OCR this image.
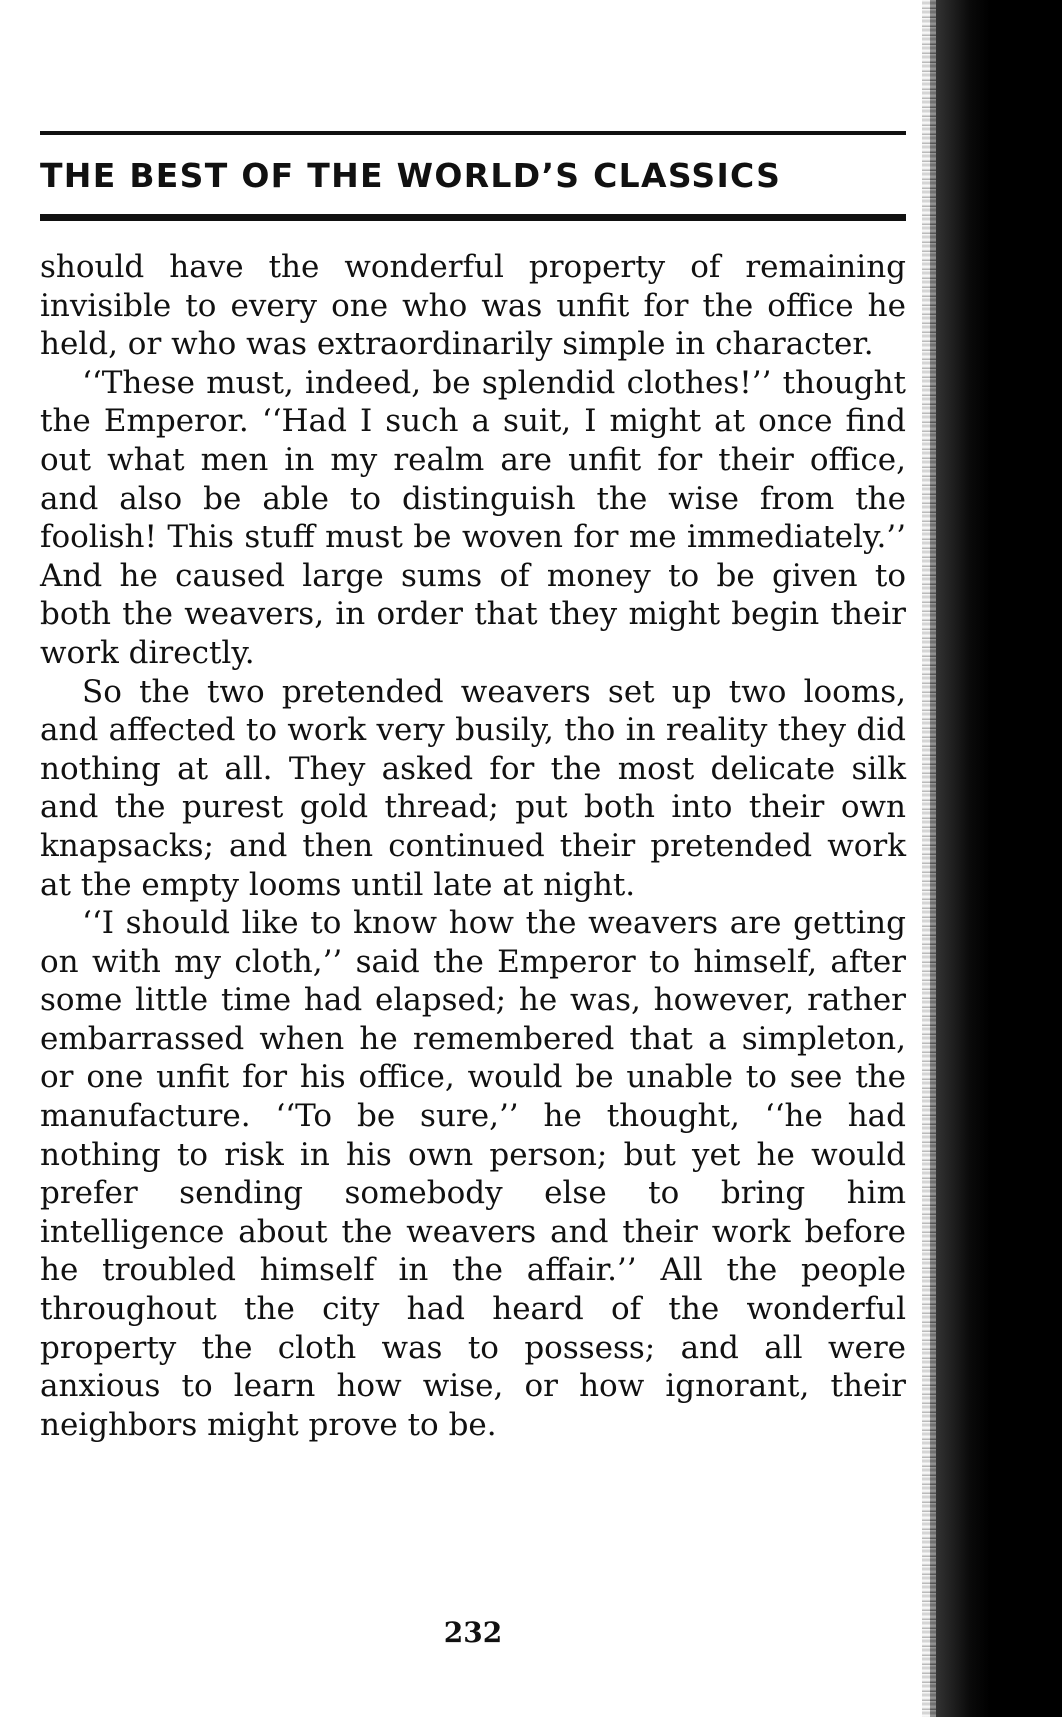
THE BEST OF THE WORLD’S CLASSICS

should have the wonderful property of remaining invisible to every one who was unfit for the office he held, or who was extraordinarily simple in character.

‘‘These must, indeed, be splendid clothes!’’ thought the Emperor. ‘‘Had I such a suit, I might at once find out what men in my realm are unfit for their office, and also be able to distinguish the wise from the foolish! This stuff must be woven for me immediately.’’ And he caused large sums of money to be given to both the weavers, in order that they might begin their work directly.

So the two pretended weavers set up two looms, and affected to work very busily, tho in reality they did nothing at all. They asked for the most delicate silk and the purest gold thread; put both into their own knapsacks; and then continued their pretended work at the empty looms until late at night.

‘‘I should like to know how the weavers are getting on with my cloth,’’ said the Emperor to himself, after some little time had elapsed; he was, however, rather embarrassed when he remembered that a simpleton, or one unfit for his office, would be unable to see the manufacture. ‘‘To be sure,’’ he thought, ‘‘he had nothing to risk in his own person; but yet he would prefer sending somebody else to bring him intelligence about the weavers and their work before he troubled himself in the affair.’’ All the people throughout the city had heard of the wonderful property the cloth was to possess; and all were anxious to learn how wise, or how ignorant, their neighbors might prove to be.

232
